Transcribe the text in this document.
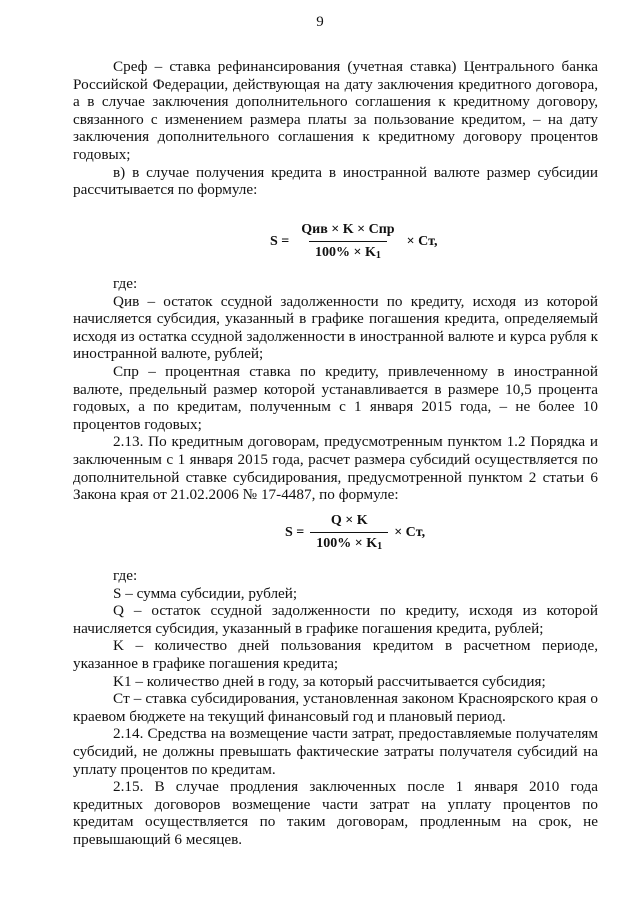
9

Среф – ставка рефинансирования (учетная ставка) Центрального банка Российской Федерации, действующая на дату заключения кредитного договора, а в случае заключения дополнительного соглашения к кредитному договору, связанного с изменением размера платы за пользование кредитом, – на дату заключения дополнительного соглашения к кредитному договору процентов годовых;

в) в случае получения кредита в иностранной валюте размер субсидии рассчитывается по формуле:

$S = \frac{\text{Qив × K × Cпр}}{100\% \times K_1}$ × Cт,

где:

Qив – остаток ссудной задолженности по кредиту, исходя из которой начисляется субсидия, указанный в графике погашения кредита, определяемый исходя из остатка ссудной задолженности в иностранной валюте и курса рубля к иностранной валюте, рублей;

Cпр – процентная ставка по кредиту, привлеченному в иностранной валюте, предельный размер которой устанавливается в размере 10,5 процента годовых, а по кредитам, полученным с 1 января 2015 года, – не более 10 процентов годовых;

2.13. По кредитным договорам, предусмотренным пунктом 1.2 Порядка и заключенным с 1 января 2015 года, расчет размера субсидий осуществляется по дополнительной ставке субсидирования, предусмотренной пунктом 2 статьи 6 Закона края от 21.02.2006 № 17-4487, по формуле:

$S = \frac{Q \times K}{100\% \times K_1}$ × Cт,

где:

S – сумма субсидии, рублей;

Q – остаток ссудной задолженности по кредиту, исходя из которой начисляется субсидия, указанный в графике погашения кредита, рублей;

K – количество дней пользования кредитом в расчетном периоде, указанное в графике погашения кредита;

K1 – количество дней в году, за который рассчитывается субсидия;

Cт – ставка субсидирования, установленная законом Красноярского края о краевом бюджете на текущий финансовый год и плановый период.

2.14. Средства на возмещение части затрат, предоставляемые получателям субсидий, не должны превышать фактические затраты получателя субсидий на уплату процентов по кредитам.

2.15. В случае продления заключенных после 1 января 2010 года кредитных договоров возмещение части затрат на уплату процентов по кредитам осуществляется по таким договорам, продленным на срок, не превышающий 6 месяцев.
